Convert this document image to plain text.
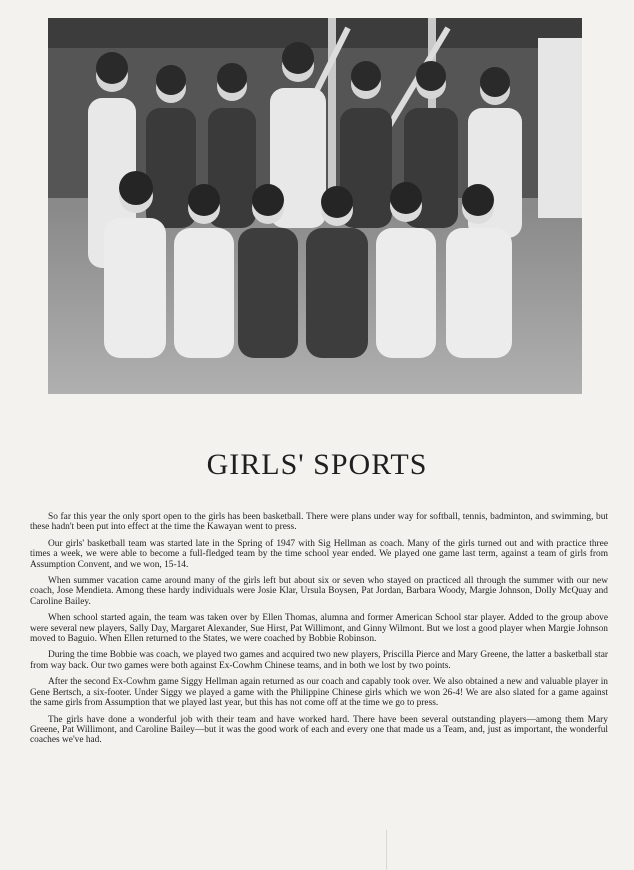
GIRLS' SPORTS

So far this year the only sport open to the girls has been basketball. There were plans under way for softball, tennis, badminton, and swimming, but these hadn't been put into effect at the time the Kawayan went to press.

Our girls' basketball team was started late in the Spring of 1947 with Sig Hellman as coach. Many of the girls turned out and with practice three times a week, we were able to become a full-fledged team by the time school year ended. We played one game last term, against a team of girls from Assumption Convent, and we won, 15-14.

When summer vacation came around many of the girls left but about six or seven who stayed on practiced all through the summer with our new coach, Jose Mendieta. Among these hardy individuals were Josie Klar, Ursula Boysen, Pat Jordan, Barbara Woody, Margie Johnson, Dolly McQuay and Caroline Bailey.

When school started again, the team was taken over by Ellen Thomas, alumna and former American School star player. Added to the group above were several new players, Sally Day, Margaret Alexander, Sue Hirst, Pat Willimont, and Ginny Wilmont. But we lost a good player when Margie Johnson moved to Baguio. When Ellen returned to the States, we were coached by Bobbie Robinson.

During the time Bobbie was coach, we played two games and acquired two new players, Priscilla Pierce and Mary Greene, the latter a basketball star from way back. Our two games were both against Ex-Cowhm Chinese teams, and in both we lost by two points.

After the second Ex-Cowhm game Siggy Hellman again returned as our coach and capably took over. We also obtained a new and valuable player in Gene Bertsch, a six-footer. Under Siggy we played a game with the Philippine Chinese girls which we won 26-4! We are also slated for a game against the same girls from Assumption that we played last year, but this has not come off at the time we go to press.

The girls have done a wonderful job with their team and have worked hard. There have been several outstanding players—among them Mary Greene, Pat Willimont, and Caroline Bailey—but it was the good work of each and every one that made us a Team, and, just as important, the wonderful coaches we've had.
